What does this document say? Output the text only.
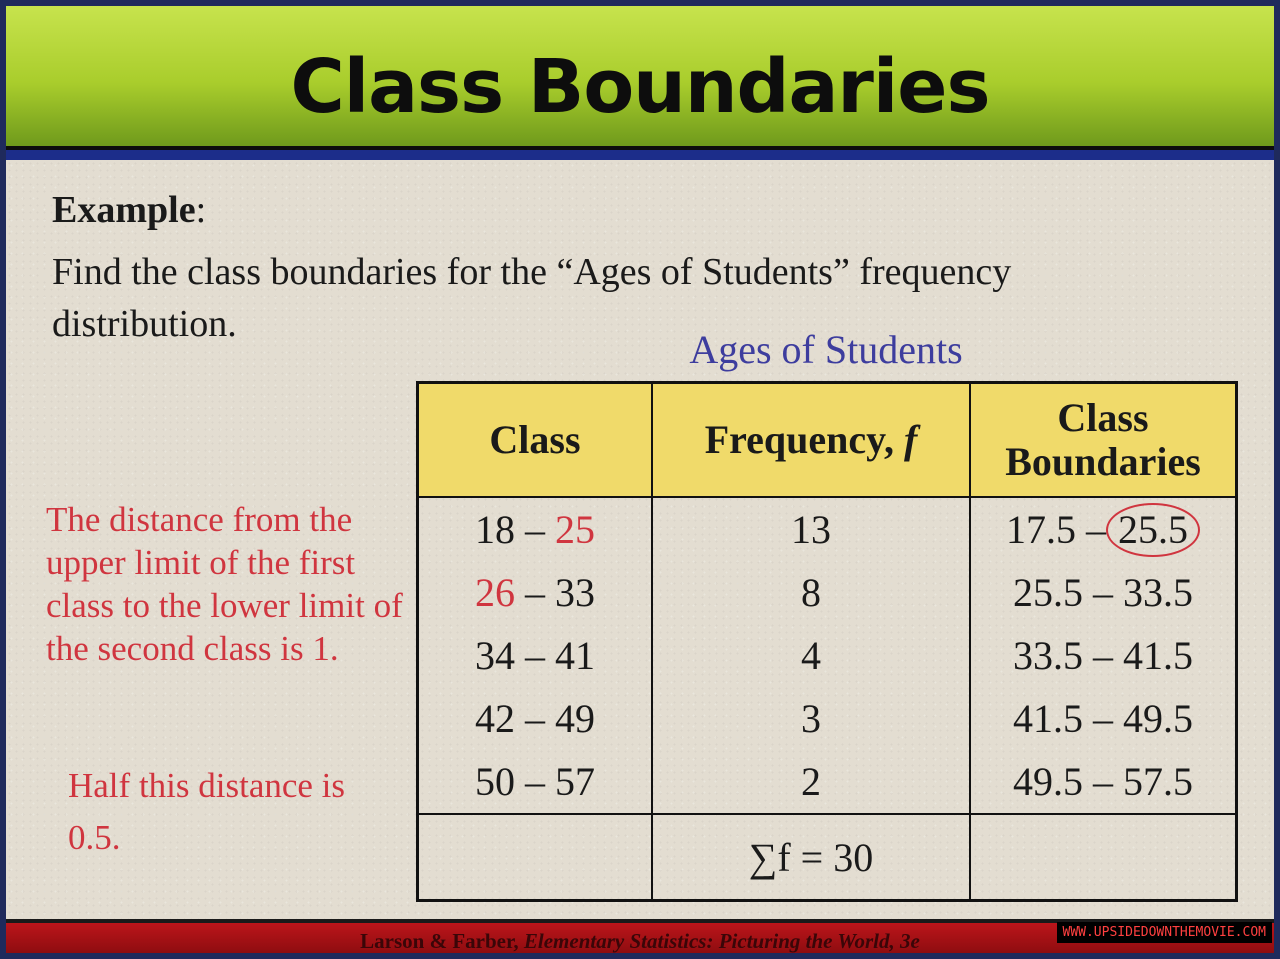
Class Boundaries
Example:
Find the class boundaries for the “Ages of Students” frequency distribution.
Ages of Students
The distance from the upper limit of the first class to the lower limit of the second class is 1.
Half this distance is 0.5.
Class	Frequency, f	Class Boundaries
18 – 25	13	17.5 – 25.5
26 – 33	8	25.5 – 33.5
34 – 41	4	33.5 – 41.5
42 – 49	3	41.5 – 49.5
50 – 57	2	49.5 – 57.5
	∑f = 30	
Larson & Farber, Elementary Statistics: Picturing the World, 3e	WWW.UPSIDEDOWNTHEMOVIE.COM
